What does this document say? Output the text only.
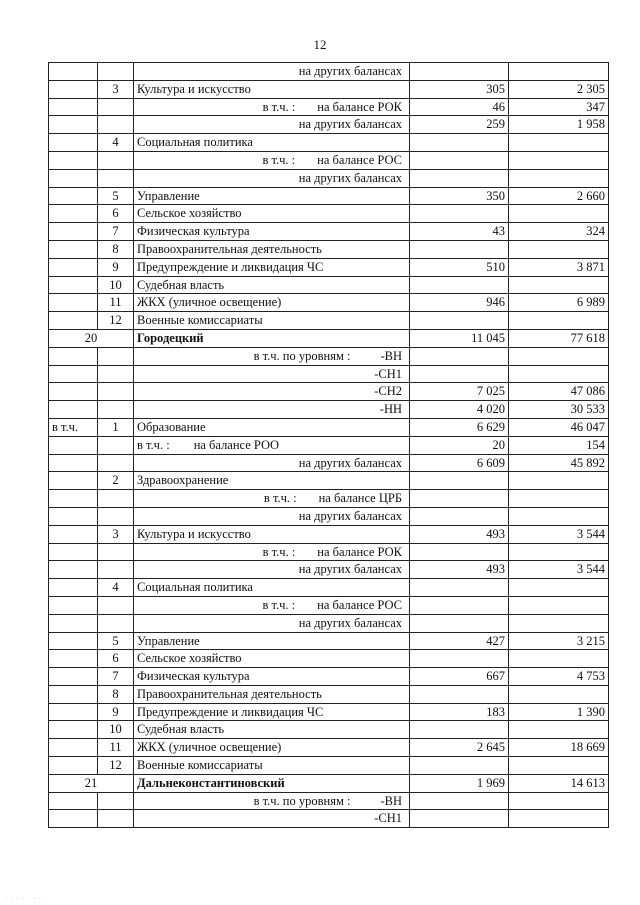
12

		на других балансах		

	3	Культура и искусство	305	2 305

		в т.ч. : на балансе РОК	46	347

		на других балансах	259	1 958
	4	Социальная политика		

		в т.ч. : на балансе РОС		

		на других балансах		

	5	Управление	350	2 660
	6	Сельское хозяйство		
	7	Физическая культура	43	324
	8	Правоохранительная деятельность		
	9	Предупреждение и ликвидация ЧС	510	3 871
	10	Судебная власть		
	11	ЖКХ (уличное освещение)	946	6 989
	12	Военные комиссариаты		
20		Городецкий	11 045	77 618

		в т.ч. по уровням : -ВН		

		-СН1		

		-СН2	7 025	47 086

		-НН	4 020	30 533
в т.ч.	1	Образование	6 629	46 047

		в т.ч. : на балансе РОО	20	154

		на других балансах	6 609	45 892
	2	Здравоохранение		

		в т.ч. : на балансе ЦРБ		

		на других балансах		

	3	Культура и искусство	493	3 544

		в т.ч. : на балансе РОК		

		на других балансах	493	3 544
	4	Социальная политика		

		в т.ч. : на балансе РОС		

		на других балансах		

	5	Управление	427	3 215
	6	Сельское хозяйство		
	7	Физическая культура	667	4 753
	8	Правоохранительная деятельность		
	9	Предупреждение и ликвидация ЧС	183	1 390
	10	Судебная власть		
	11	ЖКХ (уличное освещение)	2 645	18 669
	12	Военные комиссариаты		
21		Дальнеконстантиновский	1 969	14 613

		в т.ч. по уровням : -ВН		

		-СН1		

. . . .   . .
